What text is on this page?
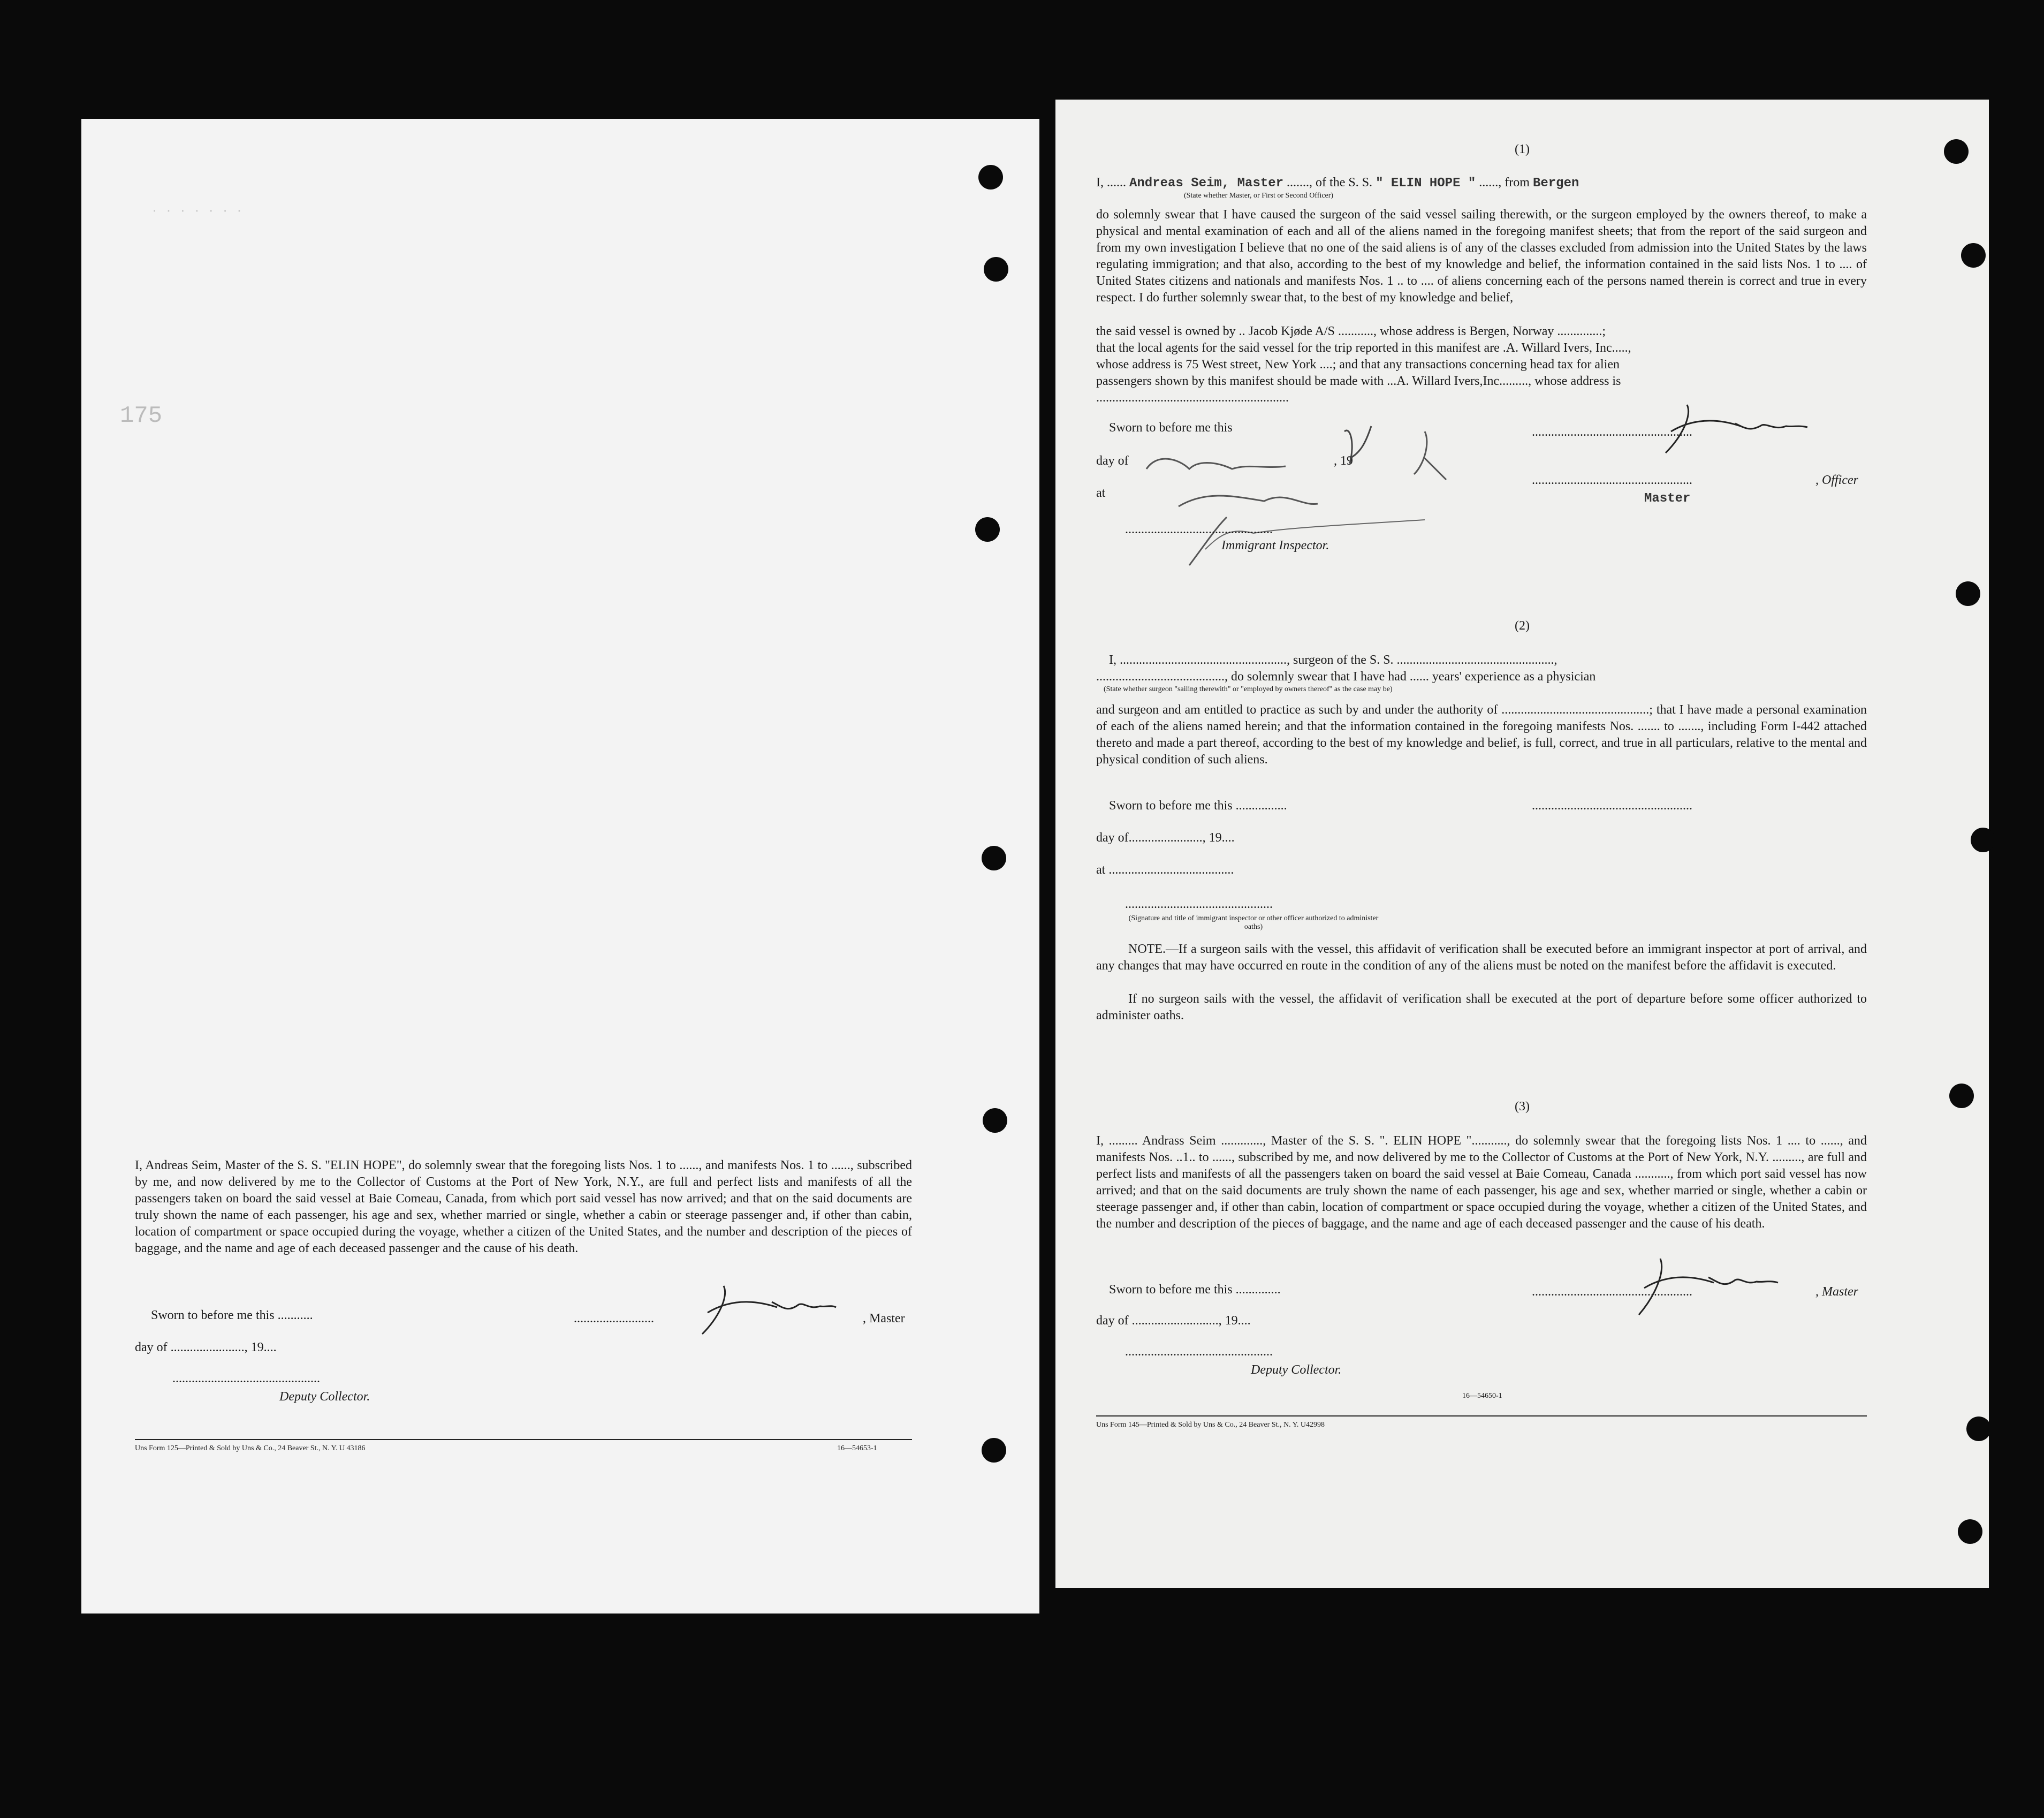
· · · · · · ·
175
I, Andreas Seim, Master of the S. S. "ELIN HOPE", do solemnly swear that the foregoing lists Nos. 1 to ......, and manifests Nos. 1 to ......, subscribed by me, and now delivered by me to the Collector of Customs at the Port of New York, N.Y., are full and perfect lists and manifests of all the passengers taken on board the said vessel at Baie Comeau, Canada, from which port said vessel has now arrived; and that on the said documents are truly shown the name of each passenger, his age and sex, whether married or single, whether a cabin or steerage passenger and, if other than cabin, location of compartment or space occupied during the voyage, whether a citizen of the United States, and the number and description of the pieces of baggage, and the name and age of each deceased passenger and the cause of his death.
Sworn to before me this ...........
day of ......................., 19....
.........................	, Master
..............................................
Deputy Collector.
Uns Form 125—Printed & Sold by Uns & Co., 24 Beaver St., N. Y. U 43186	16—54653-1
(1)
I, ...... Andreas Seim, Master ......., of the S. S. " ELIN HOPE " ......, from Bergen
(State whether Master, or First or Second Officer)
do solemnly swear that I have caused the surgeon of the said vessel sailing therewith, or the surgeon employed by the owners thereof, to make a physical and mental examination of each and all of the aliens named in the foregoing manifest sheets; that from the report of the said surgeon and from my own investigation I believe that no one of the said aliens is of any of the classes excluded from admission into the United States by the laws regulating immigration; and that also, according to the best of my knowledge and belief, the information contained in the said lists Nos. 1 to .... of United States citizens and nationals and manifests Nos. 1 .. to .... of aliens concerning each of the persons named therein is correct and true in every respect. I do further solemnly swear that, to the best of my knowledge and belief,
the said vessel is owned by .. Jacob Kjøde A/S ..........., whose address is Bergen, Norway ..............;
that the local agents for the said vessel for the trip reported in this manifest are .A. Willard Ivers, Inc.....,
whose address is 75 West street, New York ....; and that any transactions concerning head tax for alien
passengers shown by this manifest should be made with ...A. Willard Ivers,Inc........., whose address is
............................................................
Sworn to before me this
day of	, 19
at
..............................................
Immigrant Inspector.
..................................................
..................................................	, Officer
Master
(2)
I, ...................................................., surgeon of the S. S. .................................................,
........................................, do solemnly swear that I have had ...... years' experience as a physician
(State whether surgeon "sailing therewith" or "employed by owners thereof" as the case may be)
and surgeon and am entitled to practice as such by and under the authority of ..............................................; that I have made a personal examination of each of the aliens named herein; and that the information contained in the foregoing manifests Nos. ....... to ......., including Form I-442 attached thereto and made a part thereof, according to the best of my knowledge and belief, is full, correct, and true in all particulars, relative to the mental and physical condition of such aliens.
Sworn to before me this ................	..................................................
day of......................., 19....
at .......................................
..............................................
(Signature and title of immigrant inspector or other officer authorized to administer oaths)
NOTE.—If a surgeon sails with the vessel, this affidavit of verification shall be executed before an immigrant inspector at port of arrival, and any changes that may have occurred en route in the condition of any of the aliens must be noted on the manifest before the affidavit is executed.
If no surgeon sails with the vessel, the affidavit of verification shall be executed at the port of departure before some officer authorized to administer oaths.
(3)
I, ......... Andrass Seim ............., Master of the S. S. ". ELIN HOPE "..........., do solemnly swear that the foregoing lists Nos. 1 .... to ......, and manifests Nos. ..1.. to ......, subscribed by me, and now delivered by me to the Collector of Customs at the Port of New York, N.Y. ........., are full and perfect lists and manifests of all the passengers taken on board the said vessel at Baie Comeau, Canada ..........., from which port said vessel has now arrived; and that on the said documents are truly shown the name of each passenger, his age and sex, whether married or single, whether a cabin or steerage passenger and, if other than cabin, location of compartment or space occupied during the voyage, whether a citizen of the United States, and the number and description of the pieces of baggage, and the name and age of each deceased passenger and the cause of his death.
Sworn to before me this ..............
day of ..........................., 19....
..................................................	, Master
..............................................
Deputy Collector.
16—54650-1
Uns Form 145—Printed & Sold by Uns & Co., 24 Beaver St., N. Y. U42998
